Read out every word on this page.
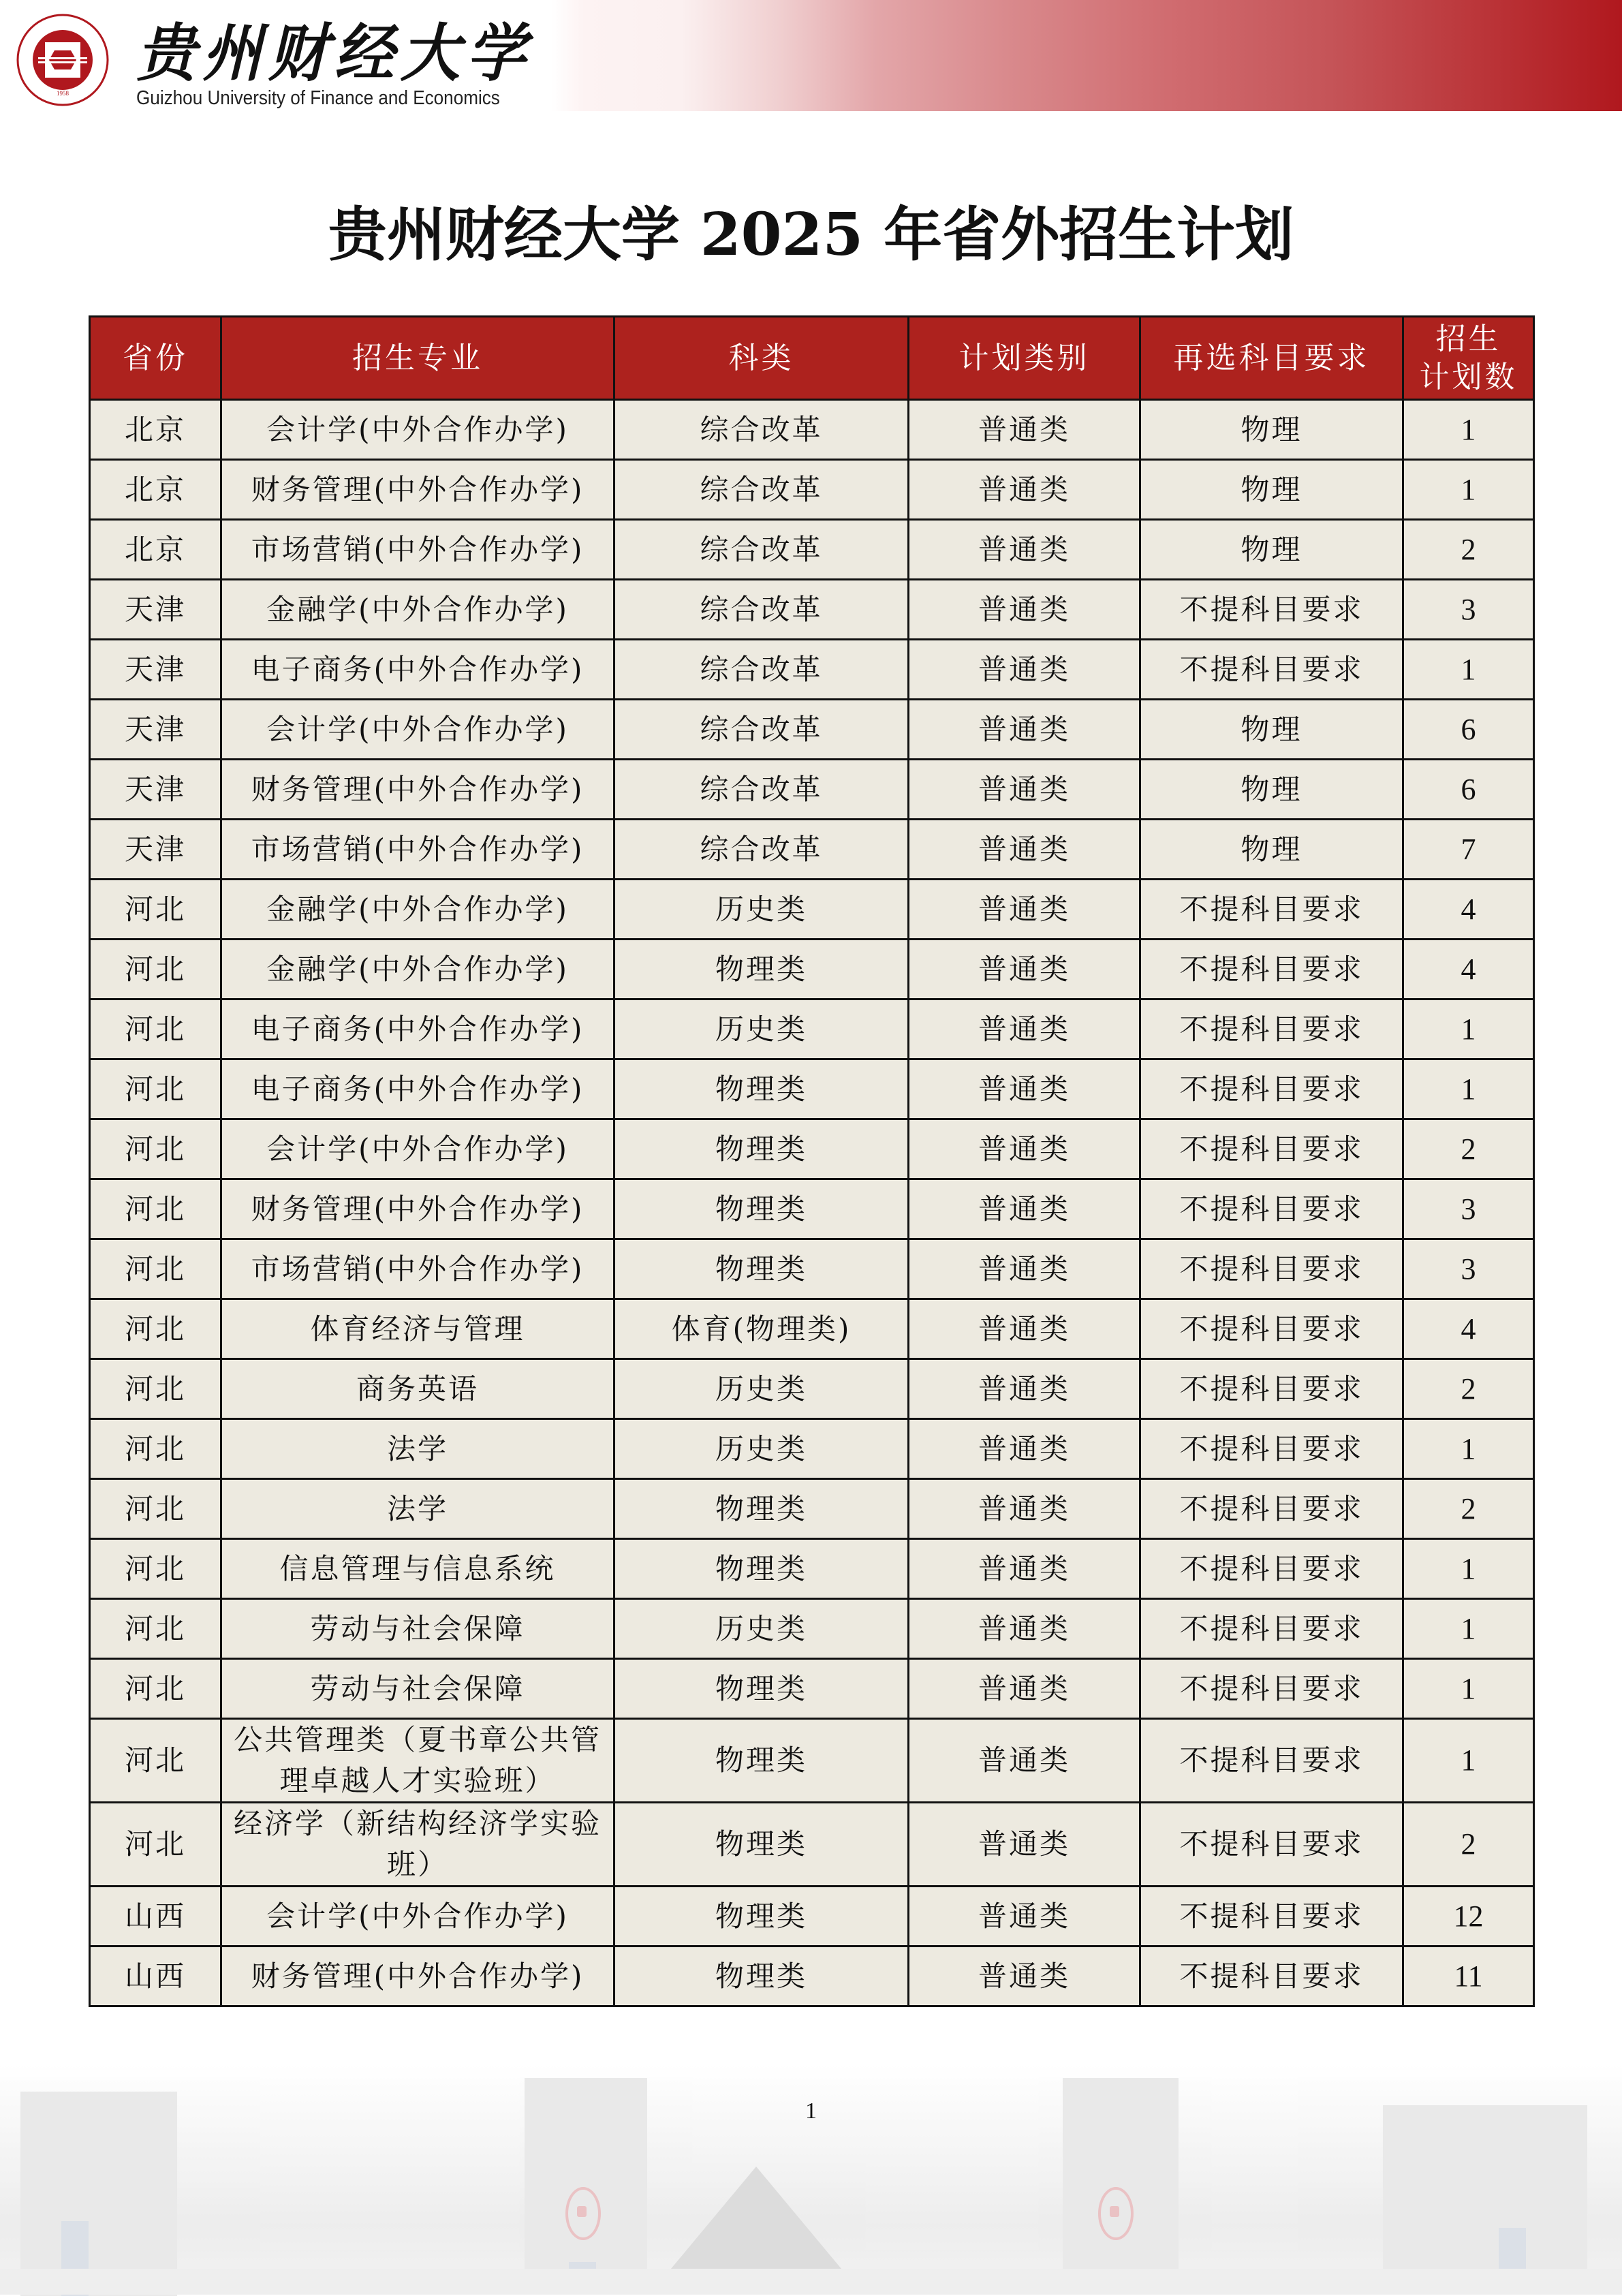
1958
贵州财经大学
Guizhou University of Finance and Economics
贵州财经大学 2025 年省外招生计划
省份	招生专业	科类	计划类别	再选科目要求	招生
计划数
北京	会计学(中外合作办学)	综合改革	普通类	物理	1
北京	财务管理(中外合作办学)	综合改革	普通类	物理	1
北京	市场营销(中外合作办学)	综合改革	普通类	物理	2
天津	金融学(中外合作办学)	综合改革	普通类	不提科目要求	3
天津	电子商务(中外合作办学)	综合改革	普通类	不提科目要求	1
天津	会计学(中外合作办学)	综合改革	普通类	物理	6
天津	财务管理(中外合作办学)	综合改革	普通类	物理	6
天津	市场营销(中外合作办学)	综合改革	普通类	物理	7
河北	金融学(中外合作办学)	历史类	普通类	不提科目要求	4
河北	金融学(中外合作办学)	物理类	普通类	不提科目要求	4
河北	电子商务(中外合作办学)	历史类	普通类	不提科目要求	1
河北	电子商务(中外合作办学)	物理类	普通类	不提科目要求	1
河北	会计学(中外合作办学)	物理类	普通类	不提科目要求	2
河北	财务管理(中外合作办学)	物理类	普通类	不提科目要求	3
河北	市场营销(中外合作办学)	物理类	普通类	不提科目要求	3
河北	体育经济与管理	体育(物理类)	普通类	不提科目要求	4
河北	商务英语	历史类	普通类	不提科目要求	2
河北	法学	历史类	普通类	不提科目要求	1
河北	法学	物理类	普通类	不提科目要求	2
河北	信息管理与信息系统	物理类	普通类	不提科目要求	1
河北	劳动与社会保障	历史类	普通类	不提科目要求	1
河北	劳动与社会保障	物理类	普通类	不提科目要求	1
河北	公共管理类（夏书章公共管理卓越人才实验班）	物理类	普通类	不提科目要求	1
河北	经济学（新结构经济学实验班）	物理类	普通类	不提科目要求	2
山西	会计学(中外合作办学)	物理类	普通类	不提科目要求	12
山西	财务管理(中外合作办学)	物理类	普通类	不提科目要求	11
1
